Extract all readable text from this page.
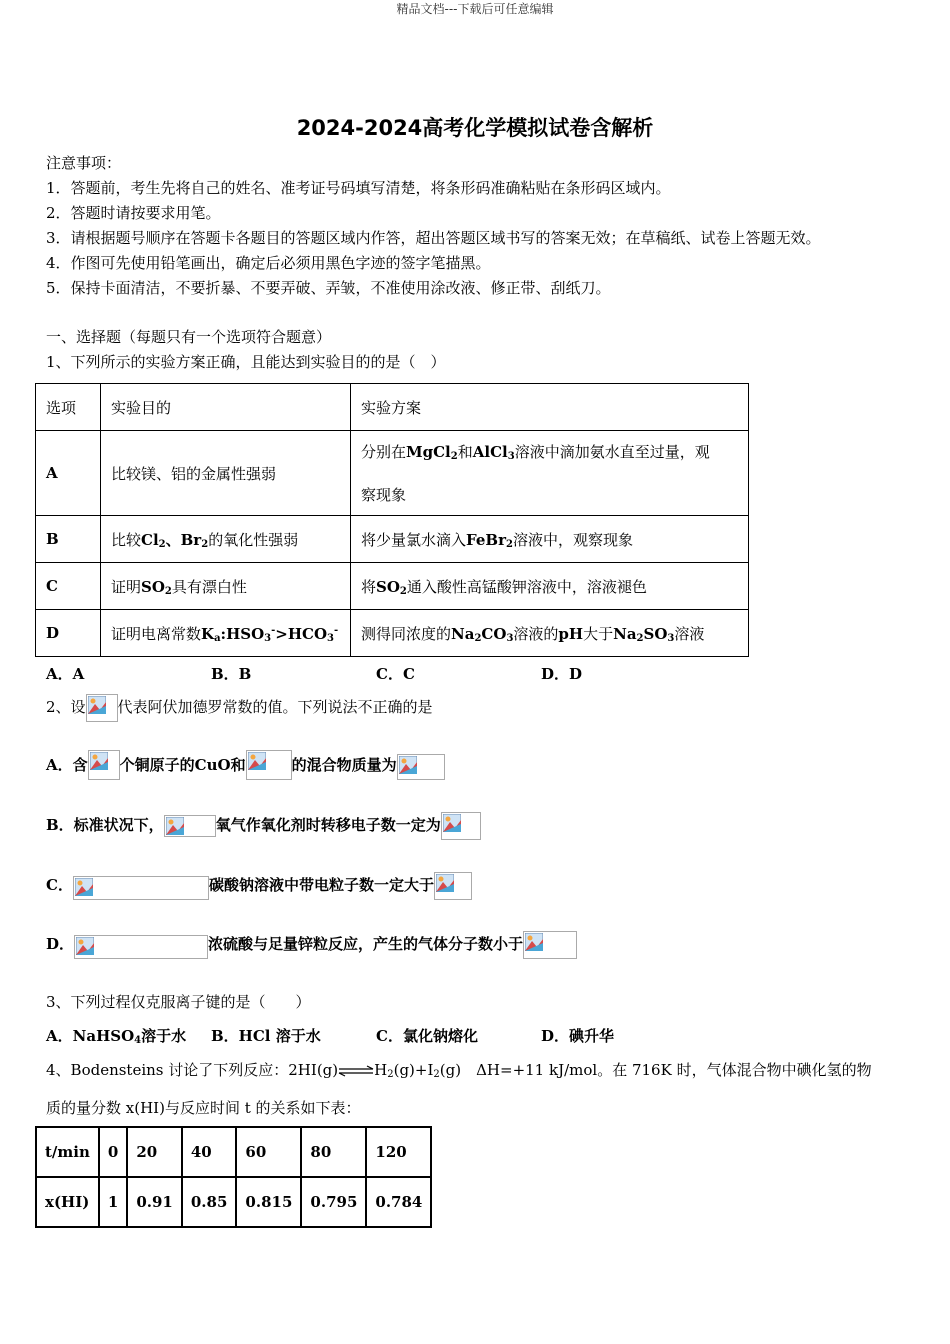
精品文档---下载后可任意编辑
2024-2024高考化学模拟试卷含解析
注意事项：
1．答题前，考生先将自己的姓名、准考证号码填写清楚，将条形码准确粘贴在条形码区域内。
2．答题时请按要求用笔。
3．请根据题号顺序在答题卡各题目的答题区域内作答，超出答题区域书写的答案无效；在草稿纸、试卷上答题无效。
4．作图可先使用铅笔画出，确定后必须用黑色字迹的签字笔描黑。
5．保持卡面清洁，不要折暴、不要弄破、弄皱，不准使用涂改液、修正带、刮纸刀。
一、选择题（每题只有一个选项符合题意）
1、下列所示的实验方案正确，且能达到实验目的的是（　）
选项	实验目的	实验方案
A	比较镁、铝的金属性强弱	分别在MgCl$_2$和AlCl$_3$溶液中滴加氨水直至过量，观
察现象
B	比较$Cl_2$、$Br_2$的氧化性强弱	将少量氯水滴入FeBr$_2$溶液中，观察现象
C	证明$SO_2$具有漂白性	将$SO_2$通入酸性高锰酸钾溶液中，溶液褪色
D	证明电离常数$K_a:HSO_3^->HCO_3^-$	测得同浓度的$Na_2CO_3$溶液的pH大于$Na_2SO_3$溶液
A．A	B．B	C．C	D．D
2、设 代表阿伏加德罗常数的值。下列说法不正确的是
A．含 个铜原子的CuO和	的混合物质量为
B．标准状况下，	氧气作氧化剂时转移电子数一定为
C．	碳酸钠溶液中带电粒子数一定大于
D．	浓硫酸与足量锌粒反应，产生的气体分子数小于
3、下列过程仅克服离子键的是（　　）
A．NaHSO$_4$溶于水 B．HCl 溶于水	C．氯化钠熔化	D．碘升华
4、Bodensteins 讨论了下列反应：$2HI(g)\rightleftharpoons H_2(g)+I_2(g)$　ΔH=+11 kJ/mol。在 716K 时，气体混合物中碘化氢的物
质的量分数 x(HI)与反应时间 t 的关系如下表：
t/min	0	20	40	60	80	120
x(HI)	1	0.91	0.85	0.815	0.795	0.784
